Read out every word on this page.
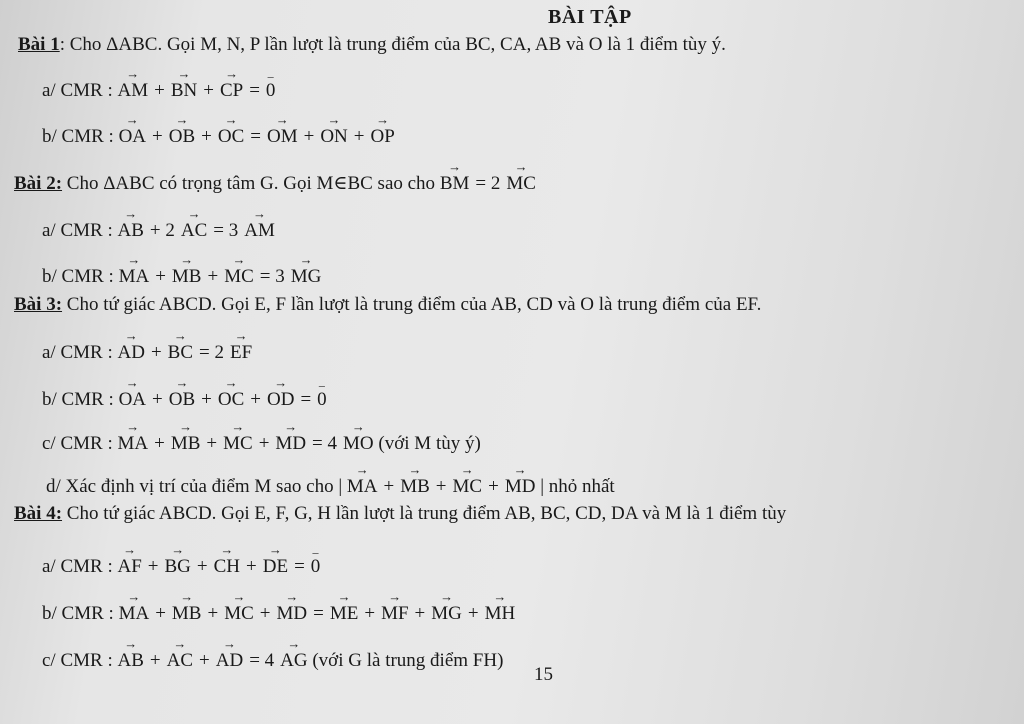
BÀI TẬP
Bài 1: Cho ΔABC. Gọi M, N, P lần lượt là trung điểm của BC, CA, AB và O là 1 điểm tùy ý.
a/ CMR : → AM + → BN + → CP = – 0
b/ CMR : → OA + → OB + → OC = → OM + → ON + → OP
Bài 2: Cho ΔABC có trọng tâm G. Gọi M∈BC sao cho → BM = 2 → MC
a/ CMR : → AB + 2 → AC = 3 → AM
b/ CMR : → MA + → MB + → MC = 3 → MG
Bài 3: Cho tứ giác ABCD. Gọi E, F lần lượt là trung điểm của AB, CD và O là trung điểm của EF.
a/ CMR : → AD + → BC = 2 → EF
b/ CMR : → OA + → OB + → OC + → OD = – 0
c/ CMR : → MA + → MB + → MC + → MD = 4 → MO (với M tùy ý)
d/ Xác định vị trí của điểm M sao cho | → MA + → MB + → MC + → MD | nhỏ nhất
Bài 4: Cho tứ giác ABCD. Gọi E, F, G, H lần lượt là trung điểm AB, BC, CD, DA và M là 1 điểm tùy
a/ CMR : → AF + → BG + → CH + → DE = – 0
b/ CMR : → MA + → MB + → MC + → MD = → ME + → MF + → MG + → MH
c/ CMR : → AB + → AC + → AD = 4 → AG (với G là trung điểm FH)
15
